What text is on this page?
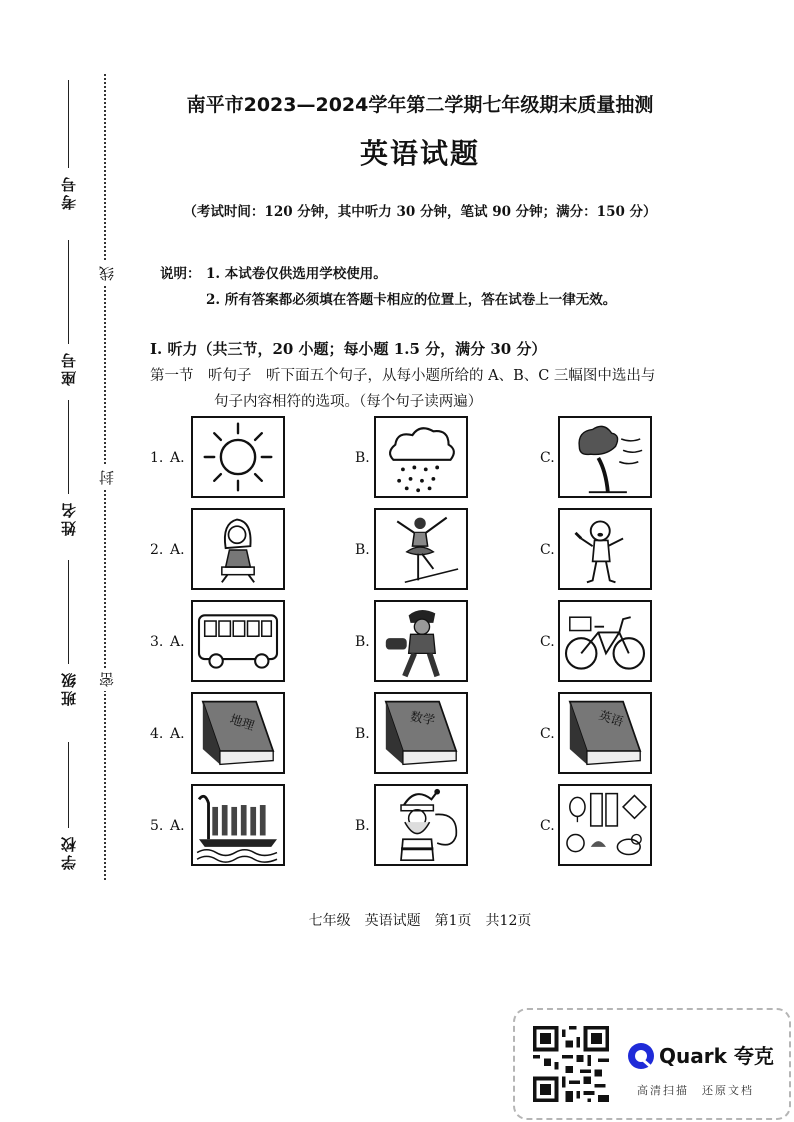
考号
座号
姓名
班级
学校
线
封
密
南平市2023—2024学年第二学期七年级期末质量抽测
英语试题
（考试时间：120 分钟，其中听力 30 分钟，笔试 90 分钟；满分：150 分）
说明： 1. 本试卷仅供选用学校使用。
2. 所有答案都必须填在答题卡相应的位置上，答在试卷上一律无效。
I. 听力（共三节，20 小题；每小题 1.5 分，满分 30 分）
第一节　听句子　听下面五个句子，从每小题所给的 A、B、C 三幅图中选出与
句子内容相符的选项。（每个句子读两遍）
1. A.	B.	C.
2. A.	B.	C.
3. A.	B.	C.
4. A.
地理
B.
数学
C.
英语
5. A.	B.	C.
七年级　英语试题　第1页　共12页
Quark 夸克
高清扫描　还原文档
